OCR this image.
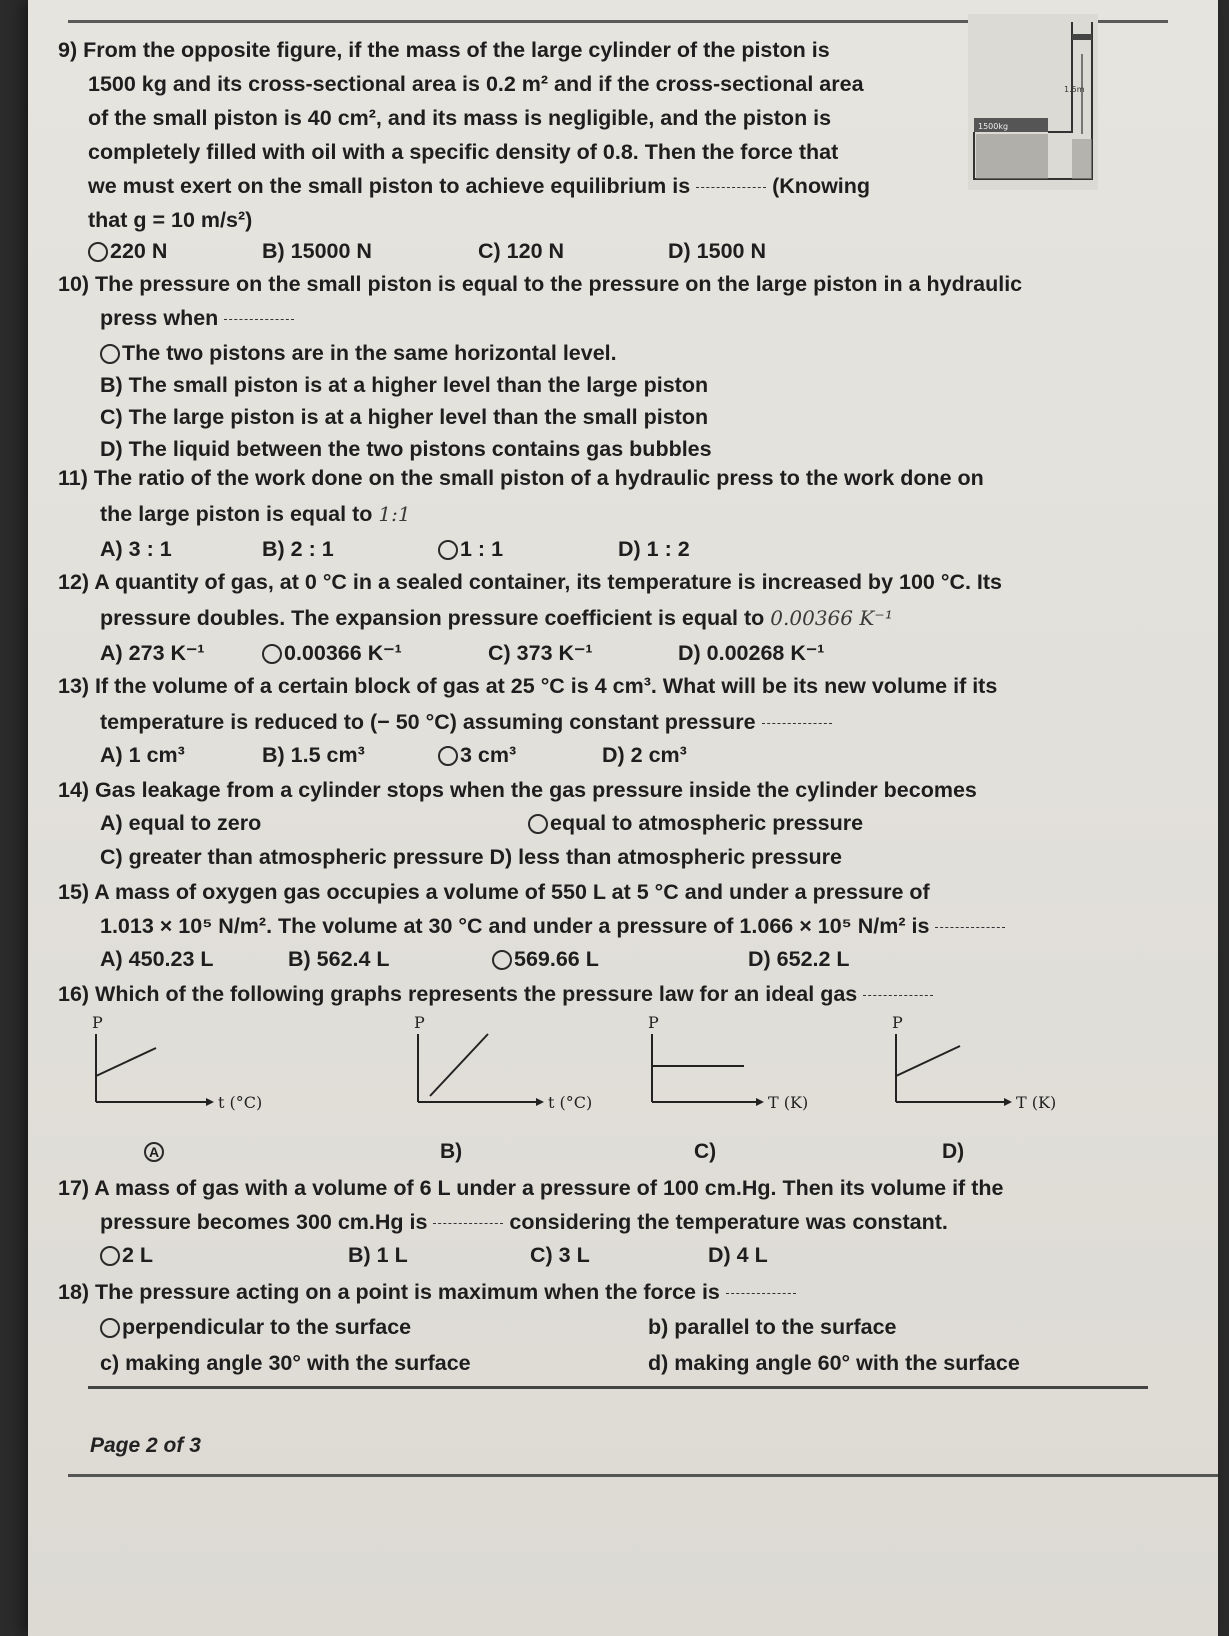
9) From the opposite figure, if the mass of the large cylinder of the piston is
1500 kg and its cross-sectional area is 0.2 m² and if the cross-sectional area
of the small piston is 40 cm², and its mass is negligible, and the piston is
completely filled with oil with a specific density of 0.8. Then the force that
we must exert on the small piston to achieve equilibrium is	(Knowing
that g = 10 m/s²)
1500kg
1.5m
220 N	B) 15000 N	C) 120 N	D) 1500 N
10) The pressure on the small piston is equal to the pressure on the large piston in a hydraulic
press when
The two pistons are in the same horizontal level.
B) The small piston is at a higher level than the large piston
C) The large piston is at a higher level than the small piston
D) The liquid between the two pistons contains gas bubbles
11) The ratio of the work done on the small piston of a hydraulic press to the work done on
the large piston is equal to 1:1
A) 3 : 1	B) 2 : 1	1 : 1	D) 1 : 2
12) A quantity of gas, at 0 °C in a sealed container, its temperature is increased by 100 °C. Its
pressure doubles. The expansion pressure coefficient is equal to 0.00366 K⁻¹
A) 273 K⁻¹	0.00366 K⁻¹	C) 373 K⁻¹	D) 0.00268 K⁻¹
13) If the volume of a certain block of gas at 25 °C is 4 cm³. What will be its new volume if its
temperature is reduced to (− 50 °C) assuming constant pressure
A) 1 cm³	B) 1.5 cm³	3 cm³	D) 2 cm³
14) Gas leakage from a cylinder stops when the gas pressure inside the cylinder becomes
A) equal to zero	equal to atmospheric pressure
C) greater than atmospheric pressure D) less than atmospheric pressure
15) A mass of oxygen gas occupies a volume of 550 L at 5 °C and under a pressure of
1.013 × 10⁵ N/m². The volume at 30 °C and under a pressure of 1.066 × 10⁵ N/m² is
A) 450.23 L	B) 562.4 L	569.66 L	D) 652.2 L
16) Which of the following graphs represents the pressure law for an ideal gas
P
t (°C)
P
t (°C)
P
T (K)
P
T (K)
A	B)	C)	D)
17) A mass of gas with a volume of 6 L under a pressure of 100 cm.Hg. Then its volume if the
pressure becomes 300 cm.Hg is	considering the temperature was constant.
2 L	B) 1 L	C) 3 L	D) 4 L
18) The pressure acting on a point is maximum when the force is
perpendicular to the surface	b) parallel to the surface
c) making angle 30° with the surface	d) making angle 60° with the surface
Page 2 of 3
